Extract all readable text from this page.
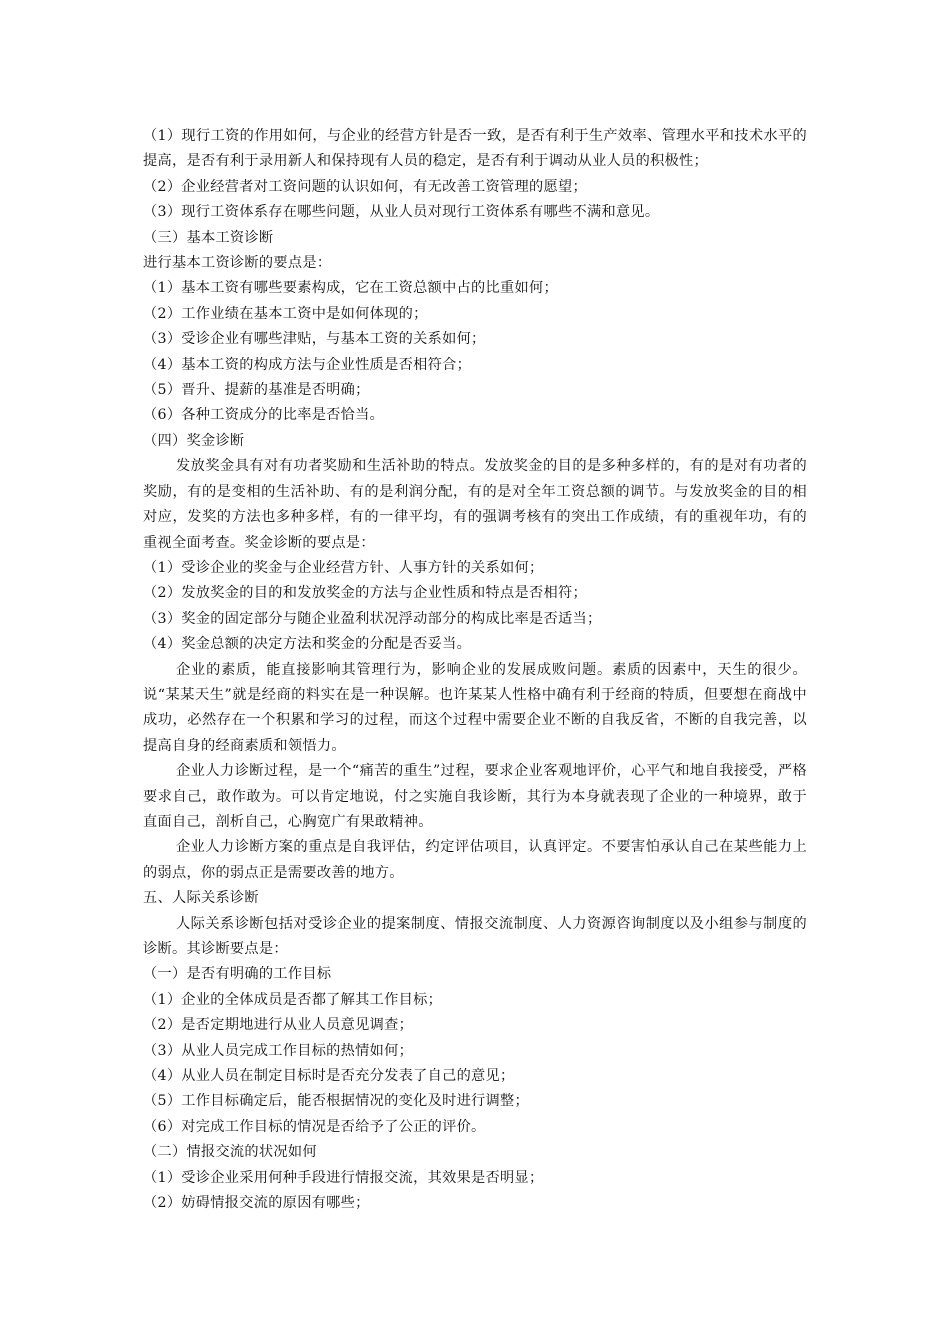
（1）现行工资的作用如何，与企业的经营方针是否一致，是否有利于生产效率、管理水平和技术水平的提高，是否有利于录用新人和保持现有人员的稳定，是否有利于调动从业人员的积极性；
（2）企业经营者对工资问题的认识如何，有无改善工资管理的愿望；
（3）现行工资体系存在哪些问题，从业人员对现行工资体系有哪些不满和意见。
（三）基本工资诊断
进行基本工资诊断的要点是：
（1）基本工资有哪些要素构成，它在工资总额中占的比重如何；
（2）工作业绩在基本工资中是如何体现的；
（3）受诊企业有哪些津贴，与基本工资的关系如何；
（4）基本工资的构成方法与企业性质是否相符合；
（5）晋升、提薪的基准是否明确；
（6）各种工资成分的比率是否恰当。
（四）奖金诊断
发放奖金具有对有功者奖励和生活补助的特点。发放奖金的目的是多种多样的，有的是对有功者的奖励，有的是变相的生活补助、有的是利润分配，有的是对全年工资总额的调节。与发放奖金的目的相对应，发奖的方法也多种多样，有的一律平均，有的强调考核有的突出工作成绩，有的重视年功，有的重视全面考查。奖金诊断的要点是：
（1）受诊企业的奖金与企业经营方针、人事方针的关系如何；
（2）发放奖金的目的和发放奖金的方法与企业性质和特点是否相符；
（3）奖金的固定部分与随企业盈利状况浮动部分的构成比率是否适当；
（4）奖金总额的决定方法和奖金的分配是否妥当。
企业的素质，能直接影响其管理行为，影响企业的发展成败问题。素质的因素中，天生的很少。说“某某天生”就是经商的料实在是一种误解。也许某某人性格中确有利于经商的特质，但要想在商战中成功，必然存在一个积累和学习的过程，而这个过程中需要企业不断的自我反省，不断的自我完善，以提高自身的经商素质和领悟力。
企业人力诊断过程，是一个“痛苦的重生”过程，要求企业客观地评价，心平气和地自我接受，严格要求自己，敢作敢为。可以肯定地说，付之实施自我诊断，其行为本身就表现了企业的一种境界，敢于直面自己，剖析自己，心胸宽广有果敢精神。
企业人力诊断方案的重点是自我评估，约定评估项目，认真评定。不要害怕承认自己在某些能力上的弱点，你的弱点正是需要改善的地方。
五、人际关系诊断
人际关系诊断包括对受诊企业的提案制度、情报交流制度、人力资源咨询制度以及小组参与制度的诊断。其诊断要点是：
（一）是否有明确的工作目标
（1）企业的全体成员是否都了解其工作目标；
（2）是否定期地进行从业人员意见调查；
（3）从业人员完成工作目标的热情如何；
（4）从业人员在制定目标时是否充分发表了自己的意见；
（5）工作目标确定后，能否根据情况的变化及时进行调整；
（6）对完成工作目标的情况是否给予了公正的评价。
（二）情报交流的状况如何
（1）受诊企业采用何种手段进行情报交流，其效果是否明显；
（2）妨碍情报交流的原因有哪些；
